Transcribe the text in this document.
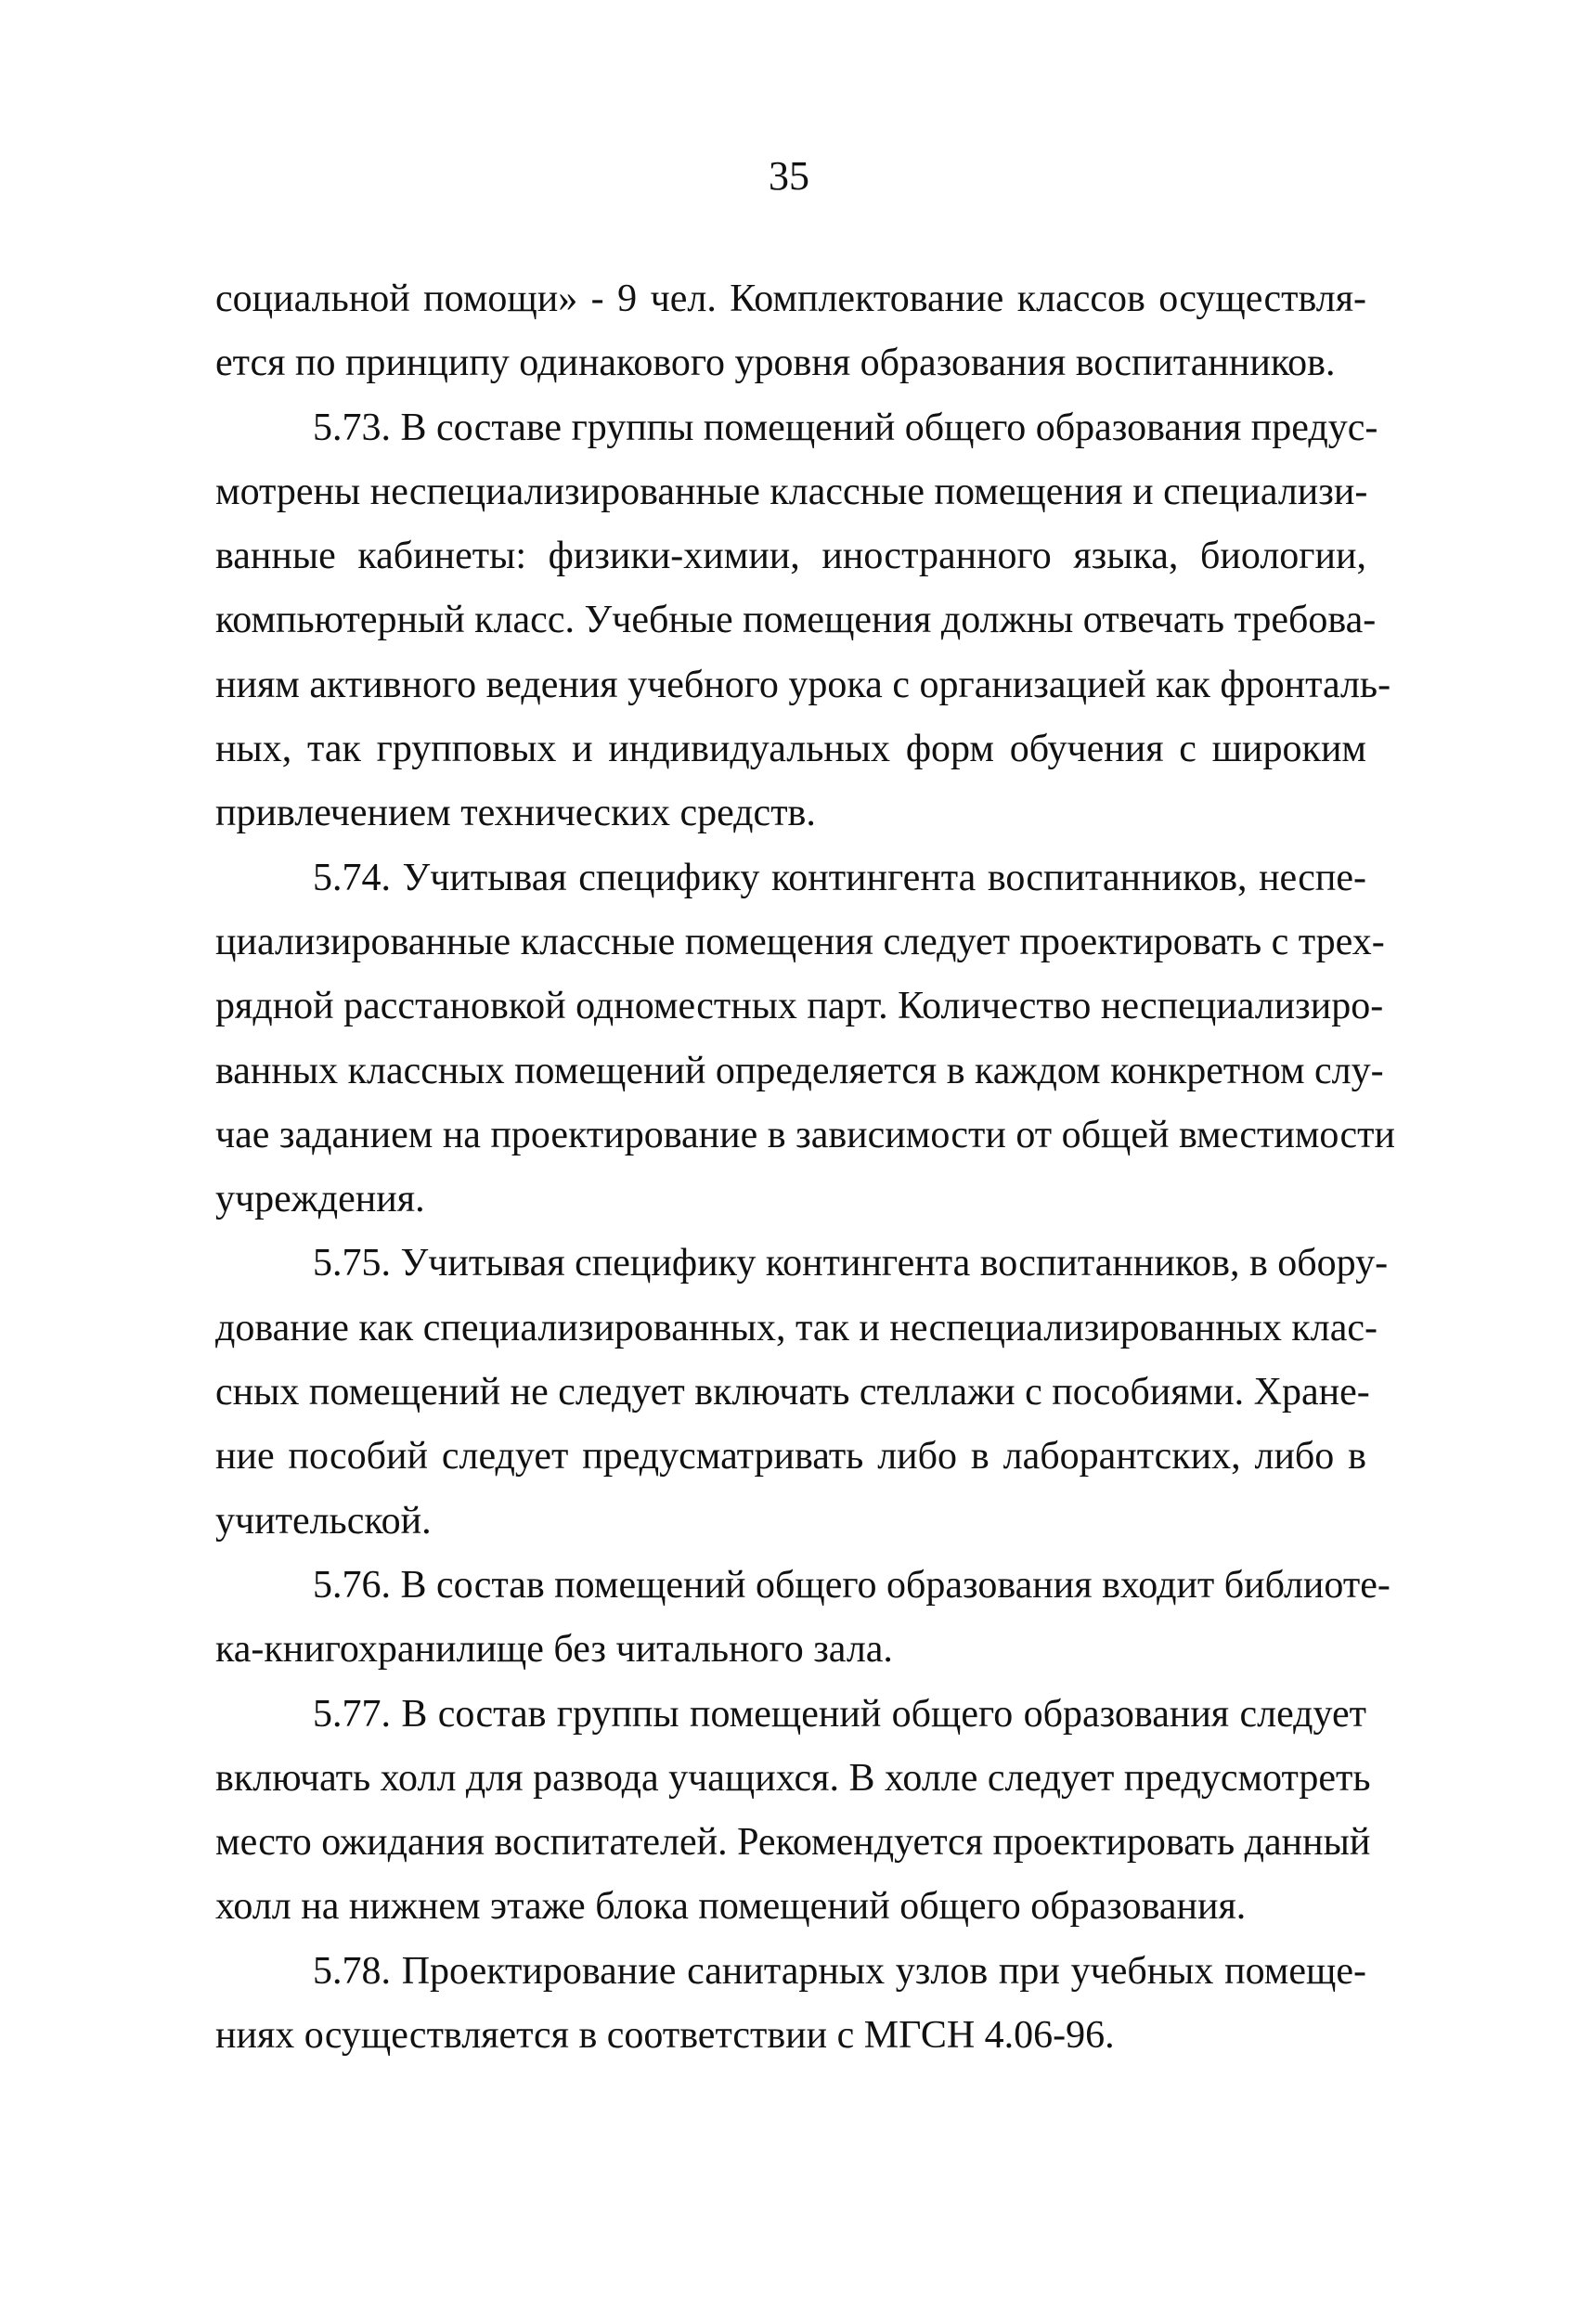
35
социальной помощи» - 9 чел. Комплектование классов осуществля-
ется по принципу одинакового уровня образования воспитанников.
5.73. В составе группы помещений общего образования предус-
мотрены неспециализированные классные помещения и специализи-
ванные кабинеты: физики-химии, иностранного языка, биологии,
компьютерный класс. Учебные помещения должны отвечать требова-
ниям активного ведения учебного урока с организацией как фронталь-
ных, так групповых и индивидуальных форм обучения с широким
привлечением технических средств.
5.74. Учитывая специфику контингента воспитанников, неспе-
циализированные классные помещения следует проектировать с трех-
рядной расстановкой одноместных парт. Количество неспециализиро-
ванных классных помещений определяется в каждом конкретном слу-
чае заданием на проектирование в зависимости от общей вместимости
учреждения.
5.75. Учитывая специфику контингента воспитанников, в обору-
дование как специализированных, так и неспециализированных клас-
сных помещений не следует включать стеллажи с пособиями. Хране-
ние пособий следует предусматривать либо в лаборантских, либо в
учительской.
5.76. В состав помещений общего образования входит библиоте-
ка-книгохранилище без читального зала.
5.77. В состав группы помещений общего образования следует
включать холл для развода учащихся. В холле следует предусмотреть
место ожидания воспитателей. Рекомендуется проектировать данный
холл на нижнем этаже блока помещений общего образования.
5.78. Проектирование санитарных узлов при учебных помеще-
ниях осуществляется в соответствии с МГСН 4.06-96.
